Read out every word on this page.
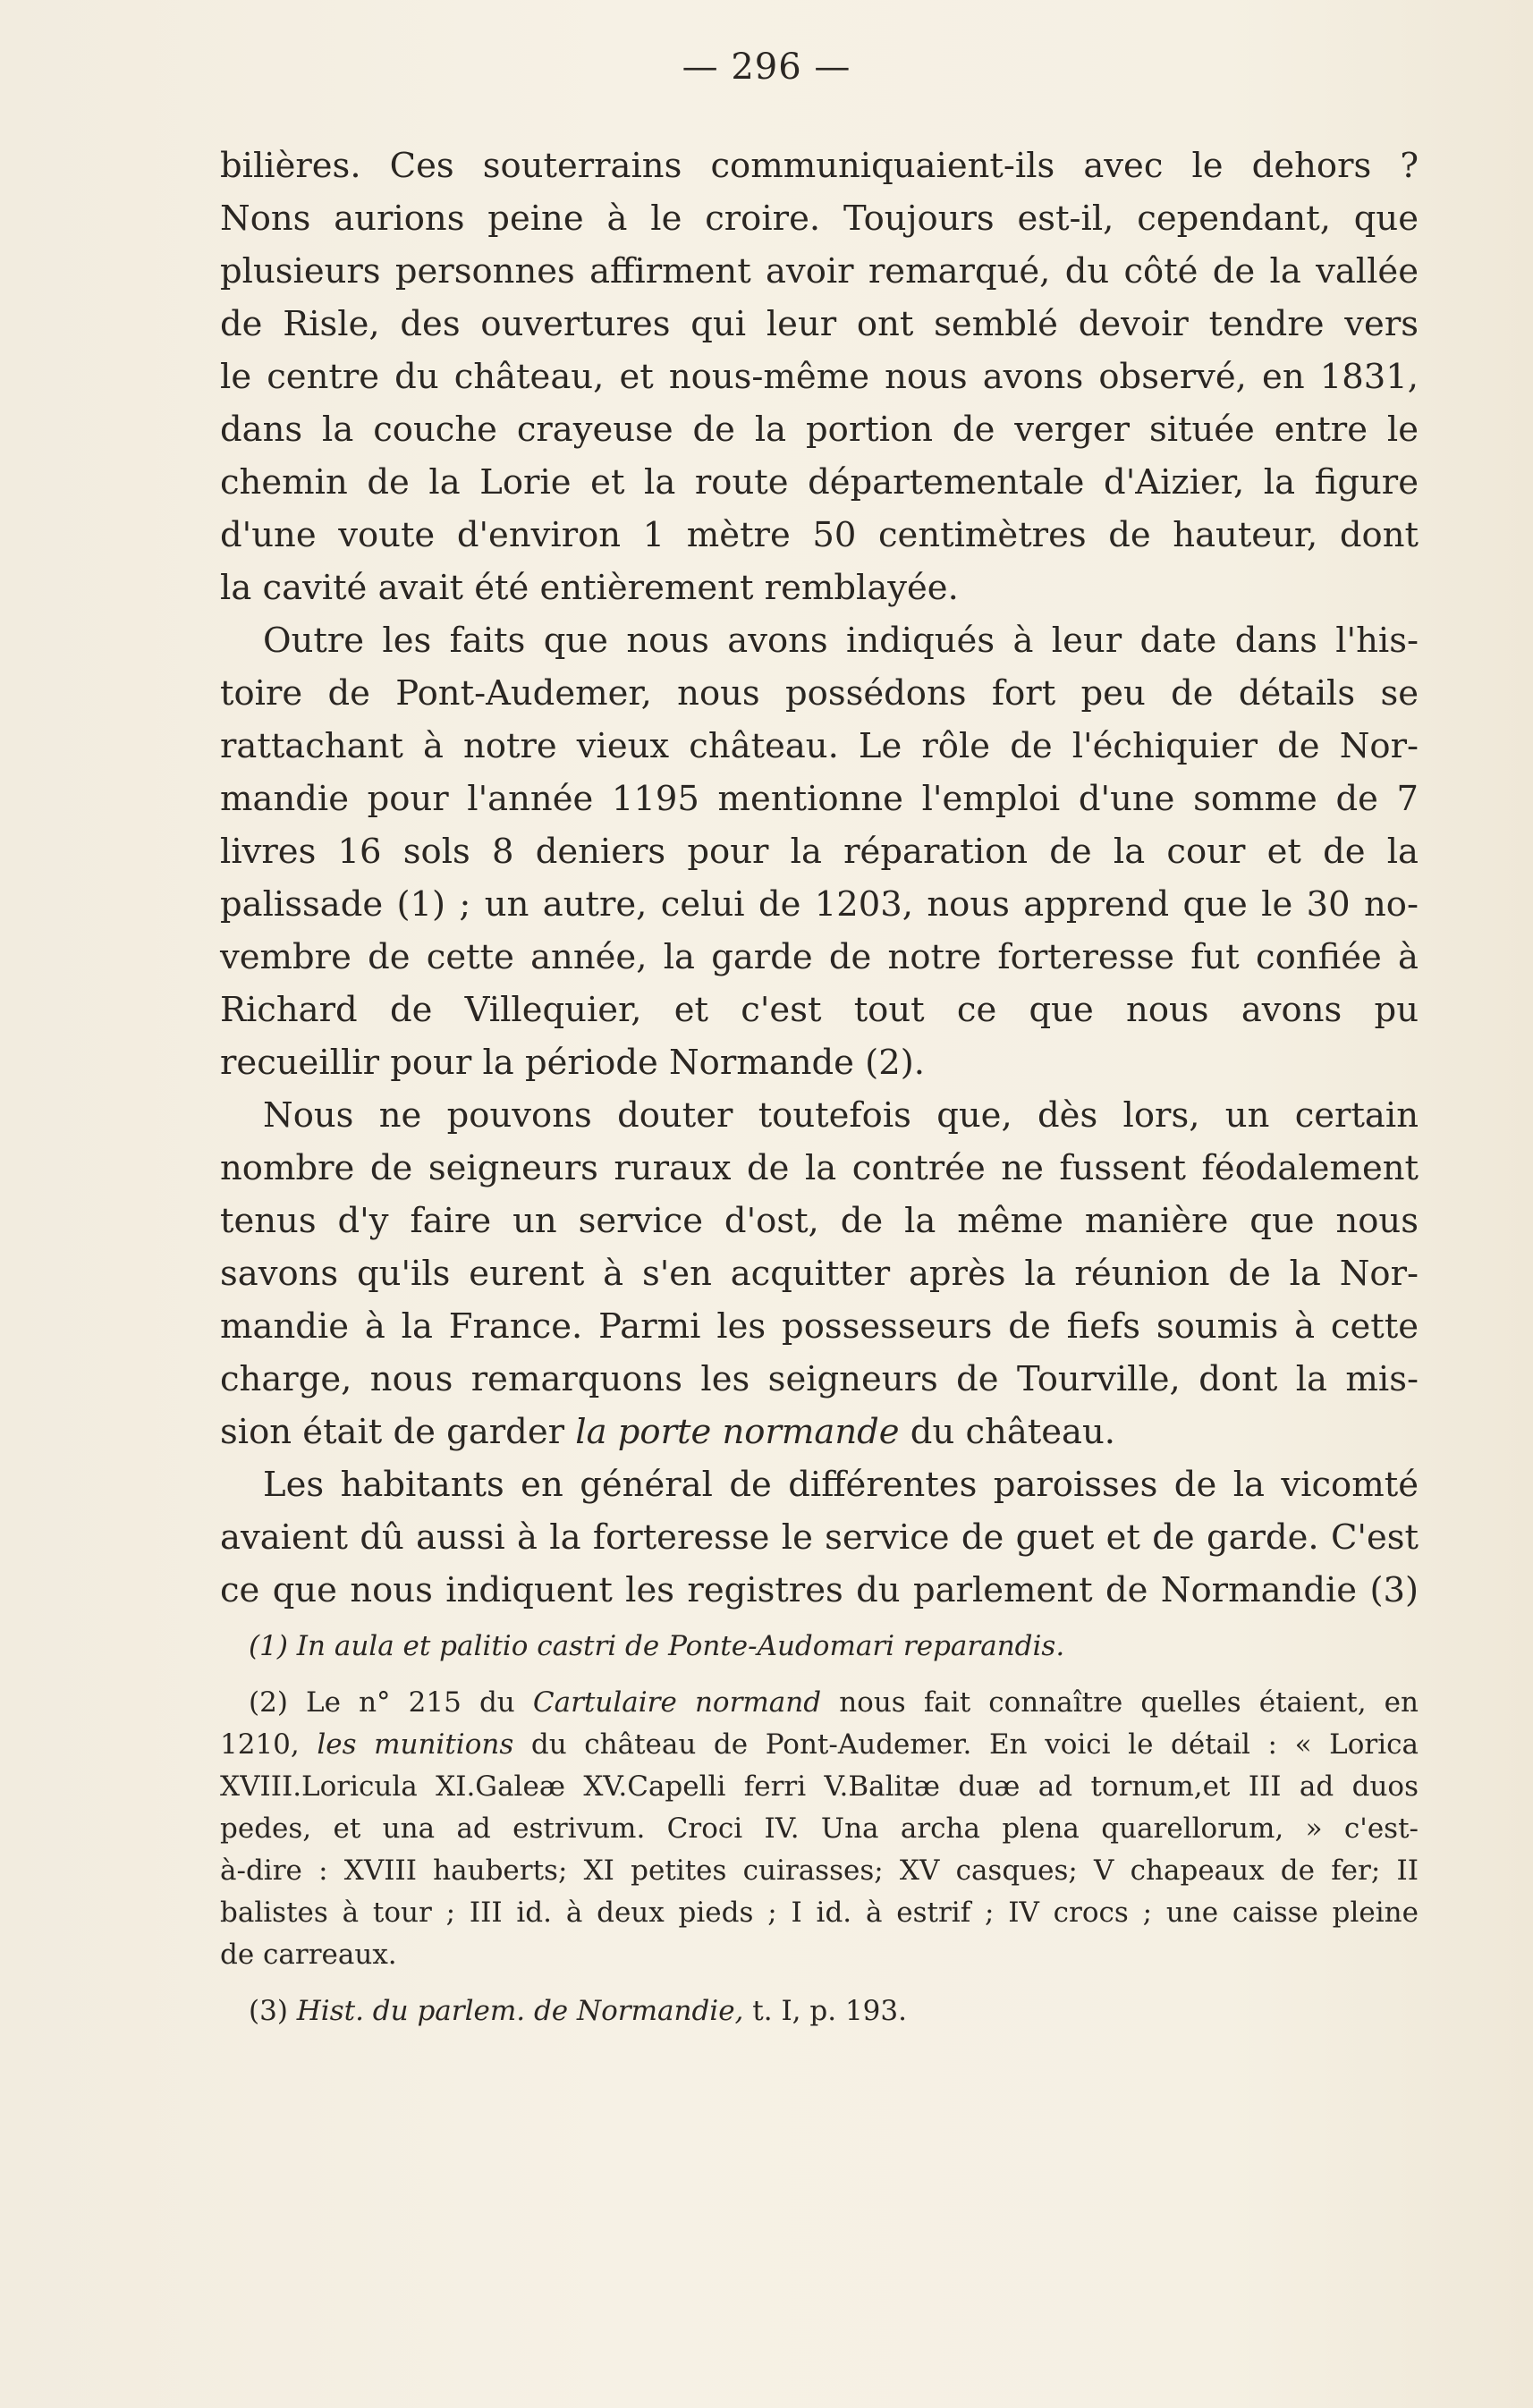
— 296 —
bilières. Ces souterrains communiquaient-ils avec le dehors ?
Nons aurions peine à le croire. Toujours est-il, cependant, que
plusieurs personnes affirment avoir remarqué, du côté de la vallée
de Risle, des ouvertures qui leur ont semblé devoir tendre vers
le centre du château, et nous-même nous avons observé, en 1831,
dans la couche crayeuse de la portion de verger située entre le
chemin de la Lorie et la route départementale d'Aizier, la figure
d'une voute d'environ 1 mètre 50 centimètres de hauteur, dont
la cavité avait été entièrement remblayée.
Outre les faits que nous avons indiqués à leur date dans l'his-
toire de Pont-Audemer, nous possédons fort peu de détails se
rattachant à notre vieux château. Le rôle de l'échiquier de Nor-
mandie pour l'année 1195 mentionne l'emploi d'une somme de 7
livres 16 sols 8 deniers pour la réparation de la cour et de la
palissade (1) ; un autre, celui de 1203, nous apprend que le 30 no-
vembre de cette année, la garde de notre forteresse fut confiée à
Richard de Villequier, et c'est tout ce que nous avons pu
recueillir pour la période Normande (2).
Nous ne pouvons douter toutefois que, dès lors, un certain
nombre de seigneurs ruraux de la contrée ne fussent féodalement
tenus d'y faire un service d'ost, de la même manière que nous
savons qu'ils eurent à s'en acquitter après la réunion de la Nor-
mandie à la France. Parmi les possesseurs de fiefs soumis à cette
charge, nous remarquons les seigneurs de Tourville, dont la mis-
sion était de garder la porte normande du château.
Les habitants en général de différentes paroisses de la vicomté
avaient dû aussi à la forteresse le service de guet et de garde. C'est
ce que nous indiquent les registres du parlement de Normandie (3)
(1) In aula et palitio castri de Ponte-Audomari reparandis.
(2) Le n° 215 du Cartulaire normand nous fait connaître quelles étaient, en
1210, les munitions du château de Pont-Audemer. En voici le détail : « Lorica
XVIII.Loricula XI.Galeæ XV.Capelli ferri V.Balitæ duæ ad tornum,et III ad duos
pedes, et una ad estrivum. Croci IV. Una archa plena quarellorum, » c'est-
à-dire : XVIII hauberts; XI petites cuirasses; XV casques; V chapeaux de fer; II
balistes à tour ; III id. à deux pieds ; I id. à estrif ; IV crocs ; une caisse pleine
de carreaux.
(3) Hist. du parlem. de Normandie, t. I, p. 193.
